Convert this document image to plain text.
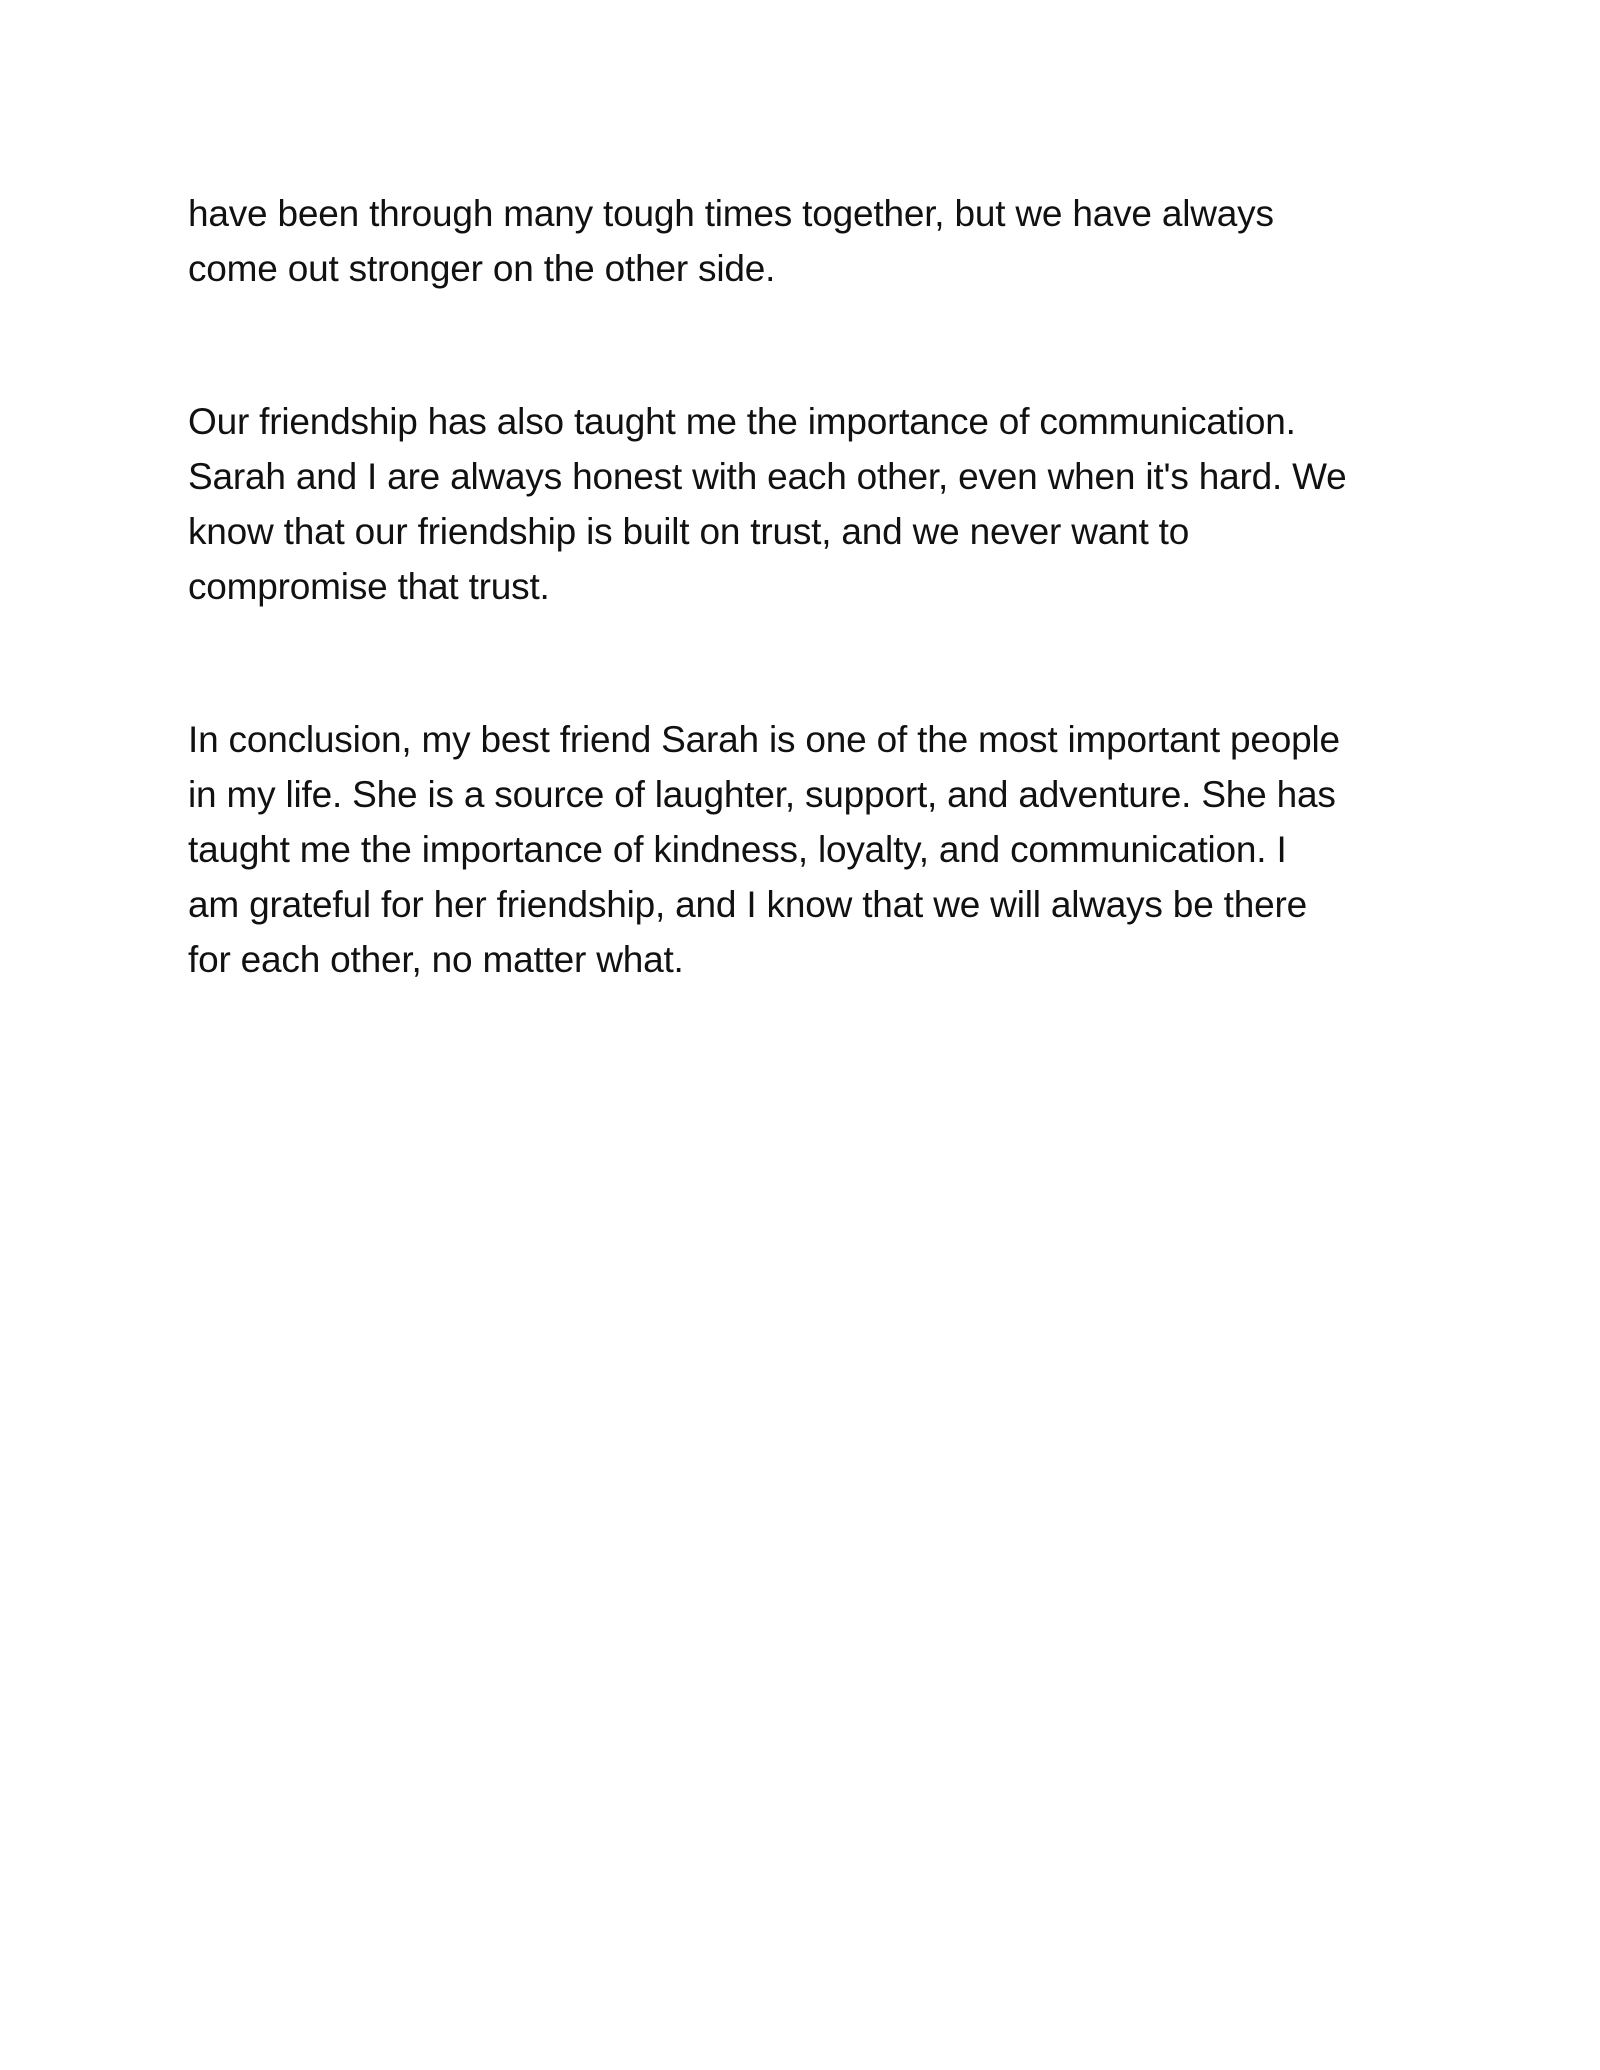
have been through many tough times together, but we have always
come out stronger on the other side.

Our friendship has also taught me the importance of communication.
Sarah and I are always honest with each other, even when it's hard. We
know that our friendship is built on trust, and we never want to
compromise that trust.

In conclusion, my best friend Sarah is one of the most important people
in my life. She is a source of laughter, support, and adventure. She has
taught me the importance of kindness, loyalty, and communication. I
am grateful for her friendship, and I know that we will always be there
for each other, no matter what.
